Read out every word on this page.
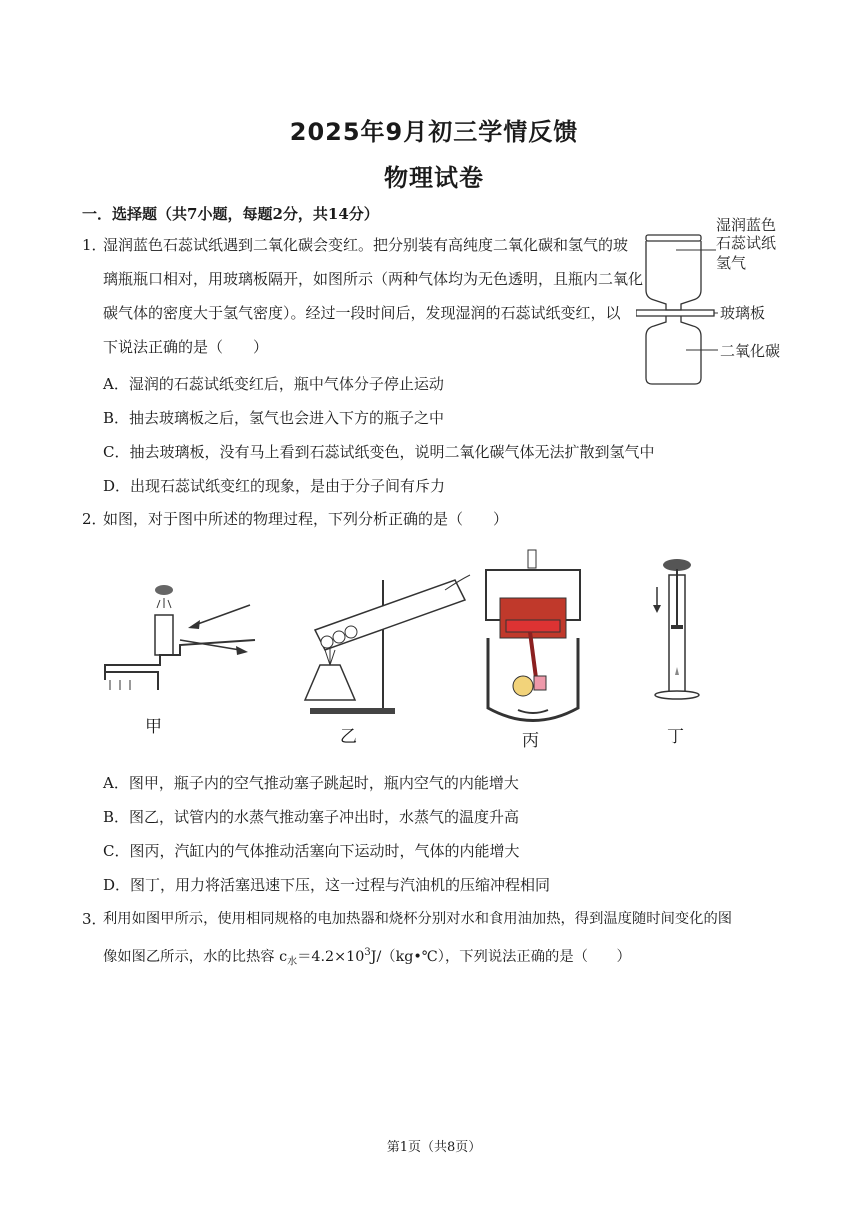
2025年9月初三学情反馈
物理试卷
一．选择题（共7小题，每题2分，共14分）
1．
湿润蓝色石蕊试纸遇到二氧化碳会变红。把分别装有高纯度二氧化碳和氢气的玻
璃瓶瓶口相对，用玻璃板隔开，如图所示（两种气体均为无色透明，且瓶内二氧化
碳气体的密度大于氢气密度）。经过一段时间后，发现湿润的石蕊试纸变红，以
下说法正确的是（　　）
湿润蓝色
石蕊试纸
氢气
玻璃板
二氧化碳
A．湿润的石蕊试纸变红后，瓶中气体分子停止运动
B．抽去玻璃板之后，氢气也会进入下方的瓶子之中
C．抽去玻璃板，没有马上看到石蕊试纸变色，说明二氧化碳气体无法扩散到氢气中
D．出现石蕊试纸变红的现象，是由于分子间有斥力
2．
如图，对于图中所述的物理过程，下列分析正确的是（　　）
甲	乙	丙	丁
A．图甲，瓶子内的空气推动塞子跳起时，瓶内空气的内能增大
B．图乙，试管内的水蒸气推动塞子冲出时，水蒸气的温度升高
C．图丙，汽缸内的气体推动活塞向下运动时，气体的内能增大
D．图丁，用力将活塞迅速下压，这一过程与汽油机的压缩冲程相同
3．
利用如图甲所示，使用相同规格的电加热器和烧杯分别对水和食用油加热，得到温度随时间变化的图
像如图乙所示，水的比热容 $c_水=4.2\times 10^3J/(kg•℃)$，下列说法正确的是（　　）
第1页（共8页）
